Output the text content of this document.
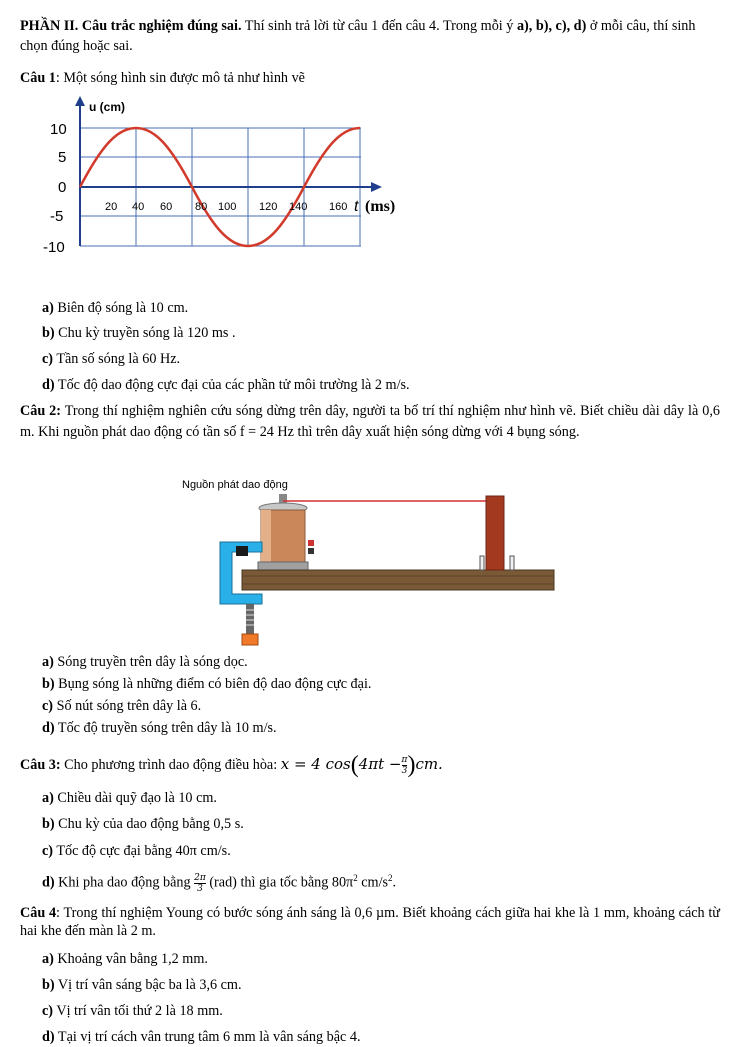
PHẦN II. Câu trắc nghiệm đúng sai. Thí sinh trả lời từ câu 1 đến câu 4. Trong mỗi ý a), b), c), d) ở mỗi câu, thí sinh chọn đúng hoặc sai.
Câu 1: Một sóng hình sin được mô tả như hình vẽ
u (cm)
10
5
0
-5
-10
20 40 60 80 100 120 140 160 t (ms)
a) Biên độ sóng là 10 cm.
b) Chu kỳ truyền sóng là 120 ms .
c) Tần số sóng là 60 Hz.
d) Tốc độ dao động cực đại của các phần tử môi trường là 2 m/s.
Câu 2: Trong thí nghiệm nghiên cứu sóng dừng trên dây, người ta bố trí thí nghiệm như hình vẽ. Biết chiều dài dây là 0,6 m. Khi nguồn phát dao động có tần số f = 24 Hz thì trên dây xuất hiện sóng dừng với 4 bụng sóng.
Nguồn phát dao động
a) Sóng truyền trên dây là sóng dọc.
b) Bụng sóng là những điểm có biên độ dao động cực đại.
c) Số nút sóng trên dây là 6.
d) Tốc độ truyền sóng trên dây là 10 m/s.
Câu 3: Cho phương trình dao động điều hòa: x = 4 $\cos(4\pi t - \frac{\pi}{3} )cm$.
a) Chiều dài quỹ đạo là 10 cm.
b) Chu kỳ của dao động bằng 0,5 s.
c) Tốc độ cực đại bằng 40π cm/s.
d) Khi pha dao động bằng $\frac{2\pi}{3} (rad)$ thì gia tốc bằng $80\pi^2$ $cm/s^2$.
Câu 4: Trong thí nghiệm Young có bước sóng ánh sáng là 0,6 µm. Biết khoảng cách giữa hai khe là 1 mm, khoảng cách từ hai khe đến màn là 2 m.
a) Khoảng vân bằng 1,2 mm.
b) Vị trí vân sáng bậc ba là 3,6 cm.
c) Vị trí vân tối thứ 2 là 18 mm.
d) Tại vị trí cách vân trung tâm 6 mm là vân sáng bậc 4.
